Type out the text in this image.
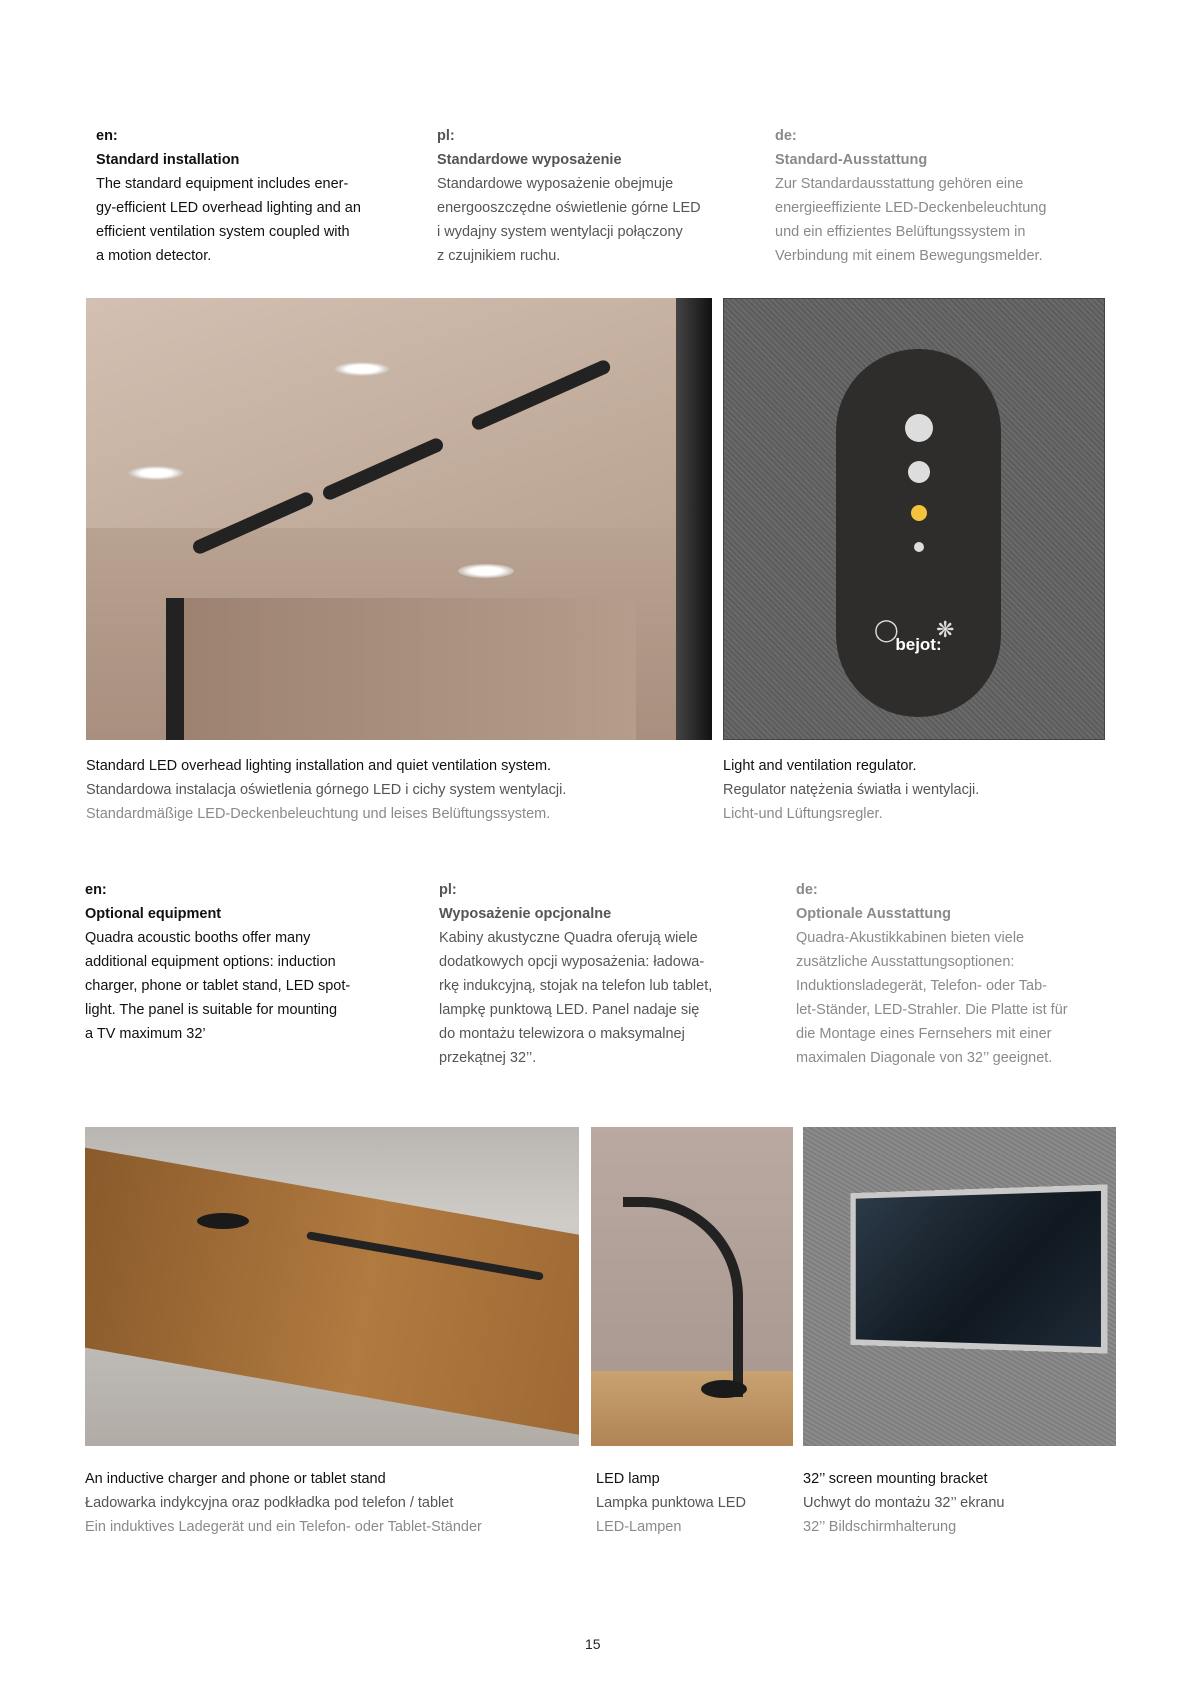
en:
Standard installation
The standard equipment includes ener-
gy-efficient LED overhead lighting and an
efficient ventilation system coupled with
a motion detector.
pl:
Standardowe wyposażenie
Standardowe wyposażenie obejmuje
energooszczędne oświetlenie górne LED
i wydajny system wentylacji połączony
z czujnikiem ruchu.
de:
Standard-Ausstattung
Zur Standardausstattung gehören eine
energieeffiziente LED-Deckenbeleuchtung
und ein effizientes Belüftungssystem in
Verbindung mit einem Bewegungsmelder.
◯ ❋
bejot:
Standard LED overhead lighting installation and quiet ventilation system.
Standardowa instalacja oświetlenia górnego LED i cichy system wentylacji.
Standardmäßige LED-Deckenbeleuchtung und leises Belüftungssystem.
Light and ventilation regulator.
Regulator natężenia światła i wentylacji.
Licht-und Lüftungsregler.
en:
Optional equipment
Quadra acoustic booths offer many
additional equipment options: induction
charger, phone or tablet stand, LED spot-
light. The panel is suitable for mounting
a TV maximum 32’
pl:
Wyposażenie opcjonalne
Kabiny akustyczne Quadra oferują wiele
dodatkowych opcji wyposażenia: ładowa-
rkę indukcyjną, stojak na telefon lub tablet,
lampkę punktową LED. Panel nadaje się
do montażu telewizora o maksymalnej
przekątnej 32’’.
de:
Optionale Ausstattung
Quadra-Akustikkabinen bieten viele
zusätzliche Ausstattungsoptionen:
Induktionsladegerät, Telefon- oder Tab-
let-Ständer, LED-Strahler. Die Platte ist für
die Montage eines Fernsehers mit einer
maximalen Diagonale von 32’’ geeignet.
An inductive charger and phone or tablet stand
Ładowarka indykcyjna oraz podkładka pod telefon / tablet
Ein induktives Ladegerät und ein Telefon- oder Tablet-Ständer
LED lamp
Lampka punktowa LED
LED-Lampen
32’’ screen mounting bracket
Uchwyt do montażu 32’’ ekranu
32’’ Bildschirmhalterung
15
